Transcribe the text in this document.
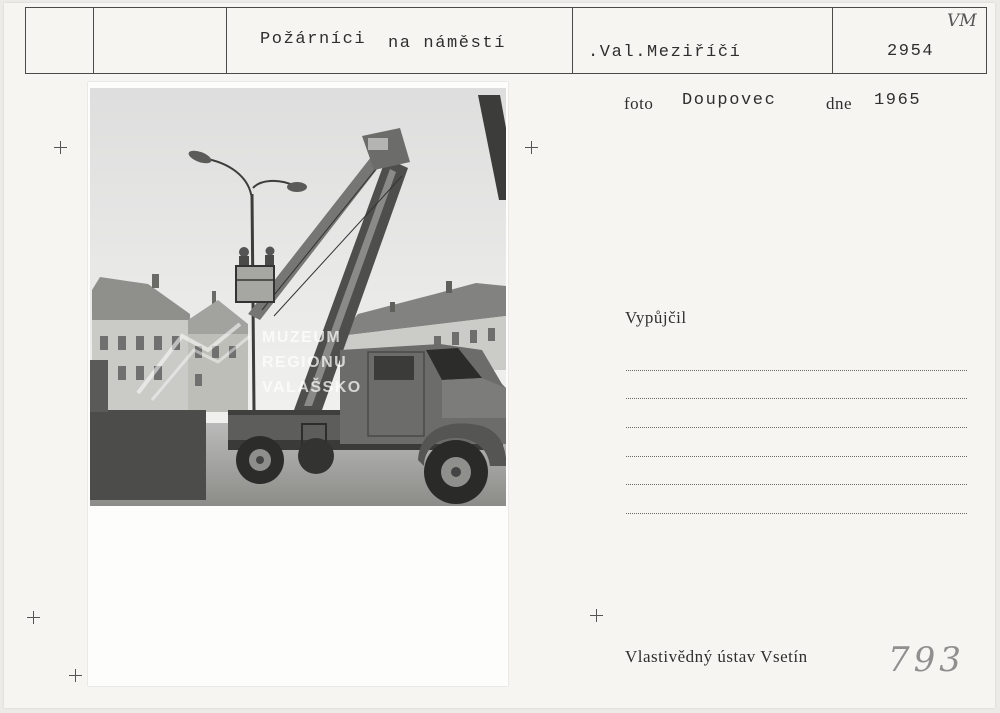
Požárníci na náměstí	.Val.Meziříčí	2954
VM
MUZEUM
REGIONU
VALAŠSKO
foto Doupovec	dne 1965
Vypůjčil
Vlastivědný ústav Vsetín 793
